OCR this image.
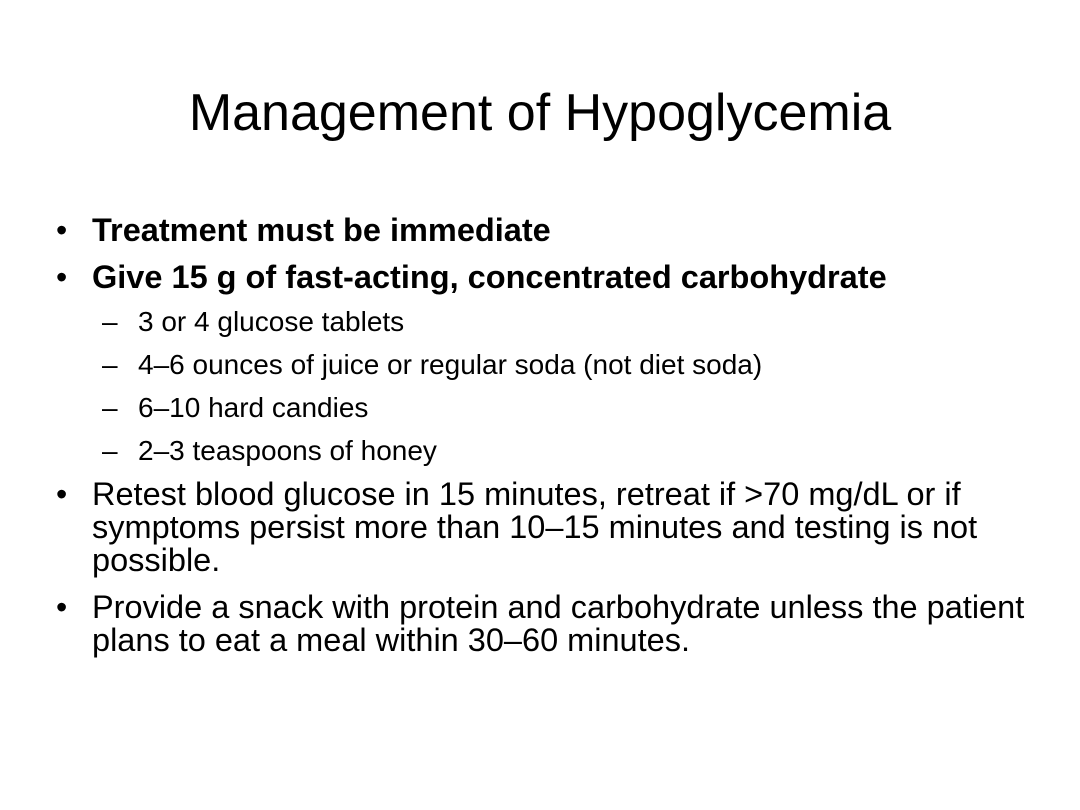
Management of Hypoglycemia
• Treatment must be immediate
• Give 15 g of fast-acting, concentrated carbohydrate
– 3 or 4 glucose tablets
– 4–6 ounces of juice or regular soda (not diet soda)
– 6–10 hard candies
– 2–3 teaspoons of honey
• Retest blood glucose in 15 minutes, retreat if >70 mg/dL or if symptoms persist more than 10–15 minutes and testing is not possible.
• Provide a snack with protein and carbohydrate unless the patient plans to eat a meal within 30–60 minutes.
